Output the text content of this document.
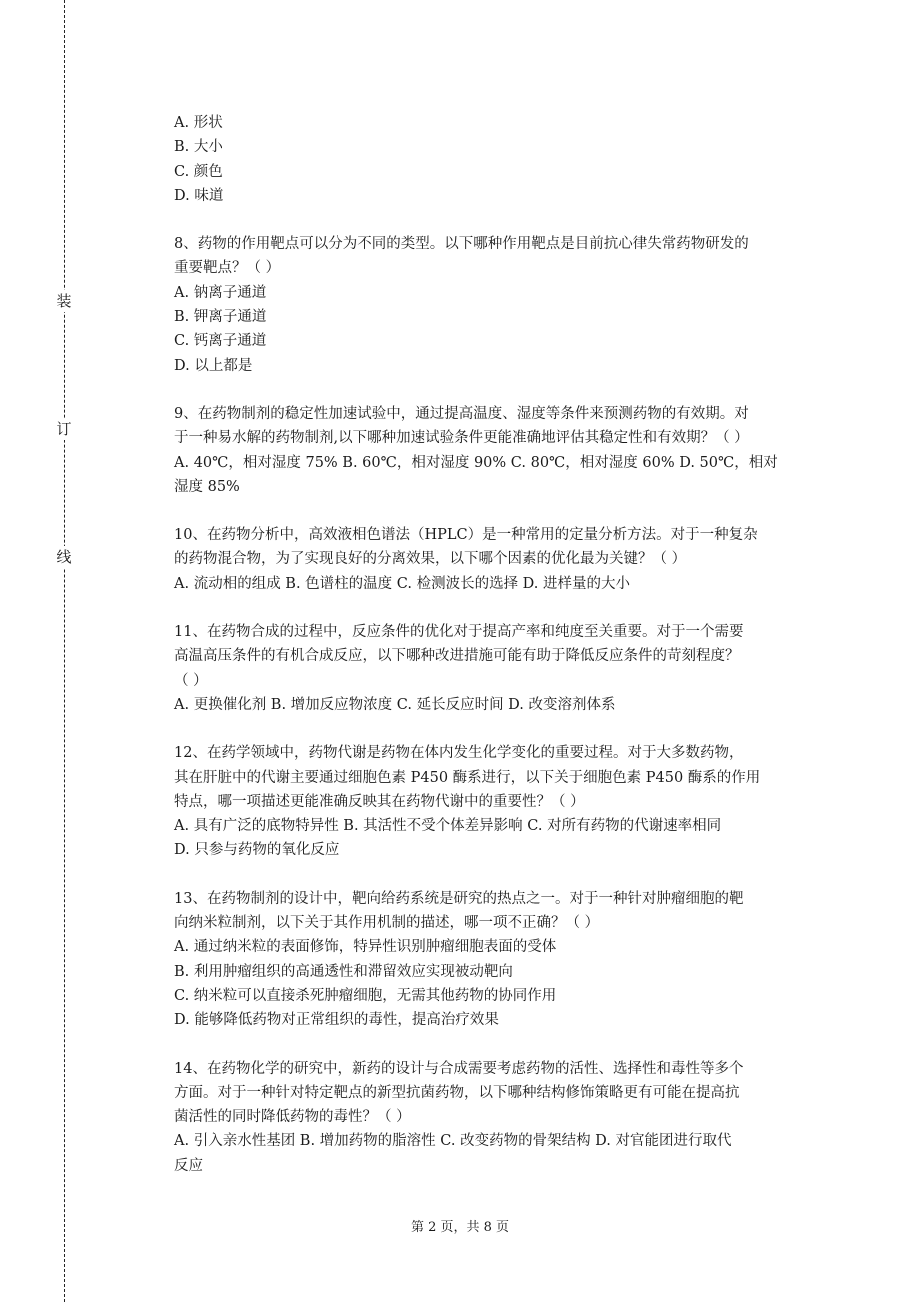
装
订
线
A. 形状
B. 大小
C. 颜色
D. 味道
8、药物的作用靶点可以分为不同的类型。以下哪种作用靶点是目前抗心律失常药物研发的
重要靶点？（ ）
A. 钠离子通道
B. 钾离子通道
C. 钙离子通道
D. 以上都是
9、在药物制剂的稳定性加速试验中，通过提高温度、湿度等条件来预测药物的有效期。对
于一种易水解的药物制剂,以下哪种加速试验条件更能准确地评估其稳定性和有效期？（ ）
A. 40℃，相对湿度 75% B. 60℃，相对湿度 90% C. 80℃，相对湿度 60% D. 50℃，相对
湿度 85%
10、在药物分析中，高效液相色谱法（HPLC）是一种常用的定量分析方法。对于一种复杂
的药物混合物，为了实现良好的分离效果，以下哪个因素的优化最为关键？（ ）
A. 流动相的组成 B. 色谱柱的温度 C. 检测波长的选择 D. 进样量的大小
11、在药物合成的过程中，反应条件的优化对于提高产率和纯度至关重要。对于一个需要
高温高压条件的有机合成反应，以下哪种改进措施可能有助于降低反应条件的苛刻程度？
（ ）
A. 更换催化剂 B. 增加反应物浓度 C. 延长反应时间 D. 改变溶剂体系
12、在药学领域中，药物代谢是药物在体内发生化学变化的重要过程。对于大多数药物，
其在肝脏中的代谢主要通过细胞色素 P450 酶系进行，以下关于细胞色素 P450 酶系的作用
特点，哪一项描述更能准确反映其在药物代谢中的重要性？（ ）
A. 具有广泛的底物特异性 B. 其活性不受个体差异影响 C. 对所有药物的代谢速率相同
D. 只参与药物的氧化反应
13、在药物制剂的设计中，靶向给药系统是研究的热点之一。对于一种针对肿瘤细胞的靶
向纳米粒制剂，以下关于其作用机制的描述，哪一项不正确？（ ）
A. 通过纳米粒的表面修饰，特异性识别肿瘤细胞表面的受体
B. 利用肿瘤组织的高通透性和滞留效应实现被动靶向
C. 纳米粒可以直接杀死肿瘤细胞，无需其他药物的协同作用
D. 能够降低药物对正常组织的毒性，提高治疗效果
14、在药物化学的研究中，新药的设计与合成需要考虑药物的活性、选择性和毒性等多个
方面。对于一种针对特定靶点的新型抗菌药物，以下哪种结构修饰策略更有可能在提高抗
菌活性的同时降低药物的毒性？（ ）
A. 引入亲水性基团 B. 增加药物的脂溶性 C. 改变药物的骨架结构 D. 对官能团进行取代
反应
第 2 页，共 8 页
